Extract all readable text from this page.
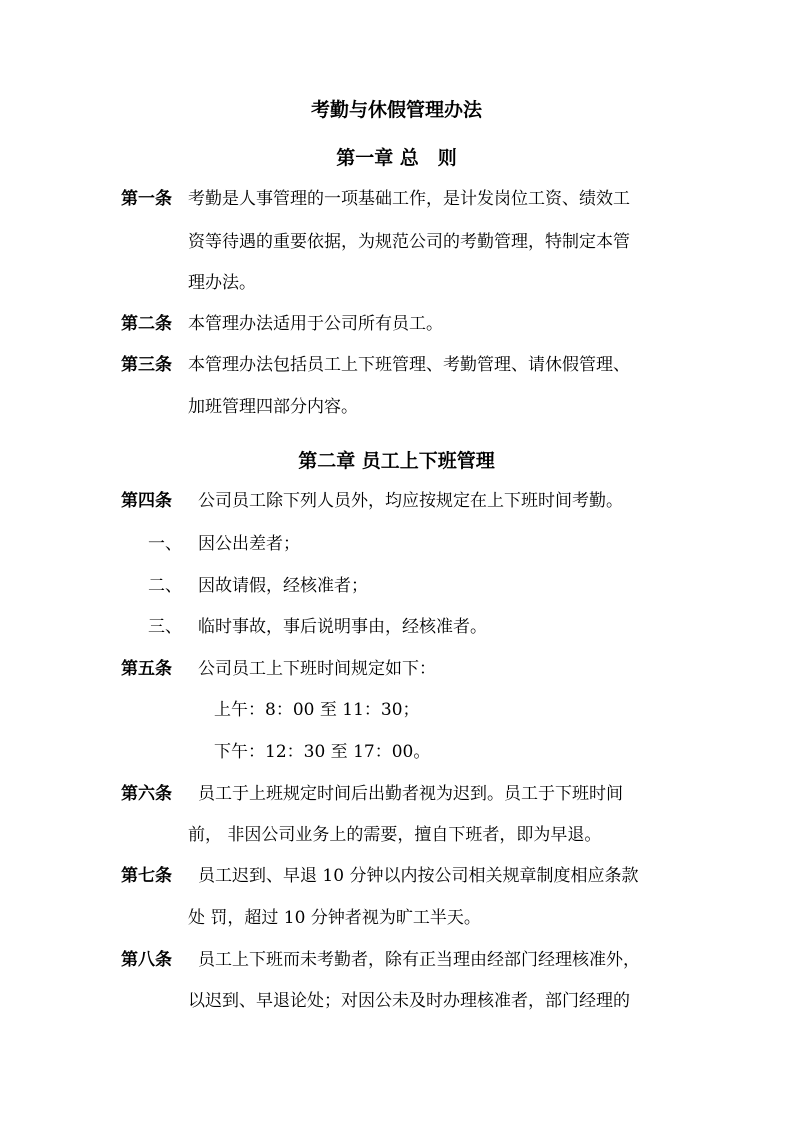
考勤与休假管理办法
第一章 总　则
第一条 考勤是人事管理的一项基础工作，是计发岗位工资、绩效工
资等待遇的重要依据，为规范公司的考勤管理，特制定本管
理办法。
第二条 本管理办法适用于公司所有员工。
第三条 本管理办法包括员工上下班管理、考勤管理、请休假管理、
加班管理四部分内容。
第二章 员工上下班管理
第四条 公司员工除下列人员外，均应按规定在上下班时间考勤。
一、 因公出差者；
二、 因故请假，经核准者；
三、 临时事故，事后说明事由，经核准者。
第五条 公司员工上下班时间规定如下：
上午：8：00 至 11：30；
下午：12：30 至 17：00。
第六条 员工于上班规定时间后出勤者视为迟到。员工于下班时间
前， 非因公司业务上的需要，擅自下班者，即为早退。
第七条 员工迟到、早退 10 分钟以内按公司相关规章制度相应条款
处 罚，超过 10 分钟者视为旷工半天。
第八条 员工上下班而未考勤者，除有正当理由经部门经理核准外，
以迟到、早退论处；对因公未及时办理核准者，部门经理的
